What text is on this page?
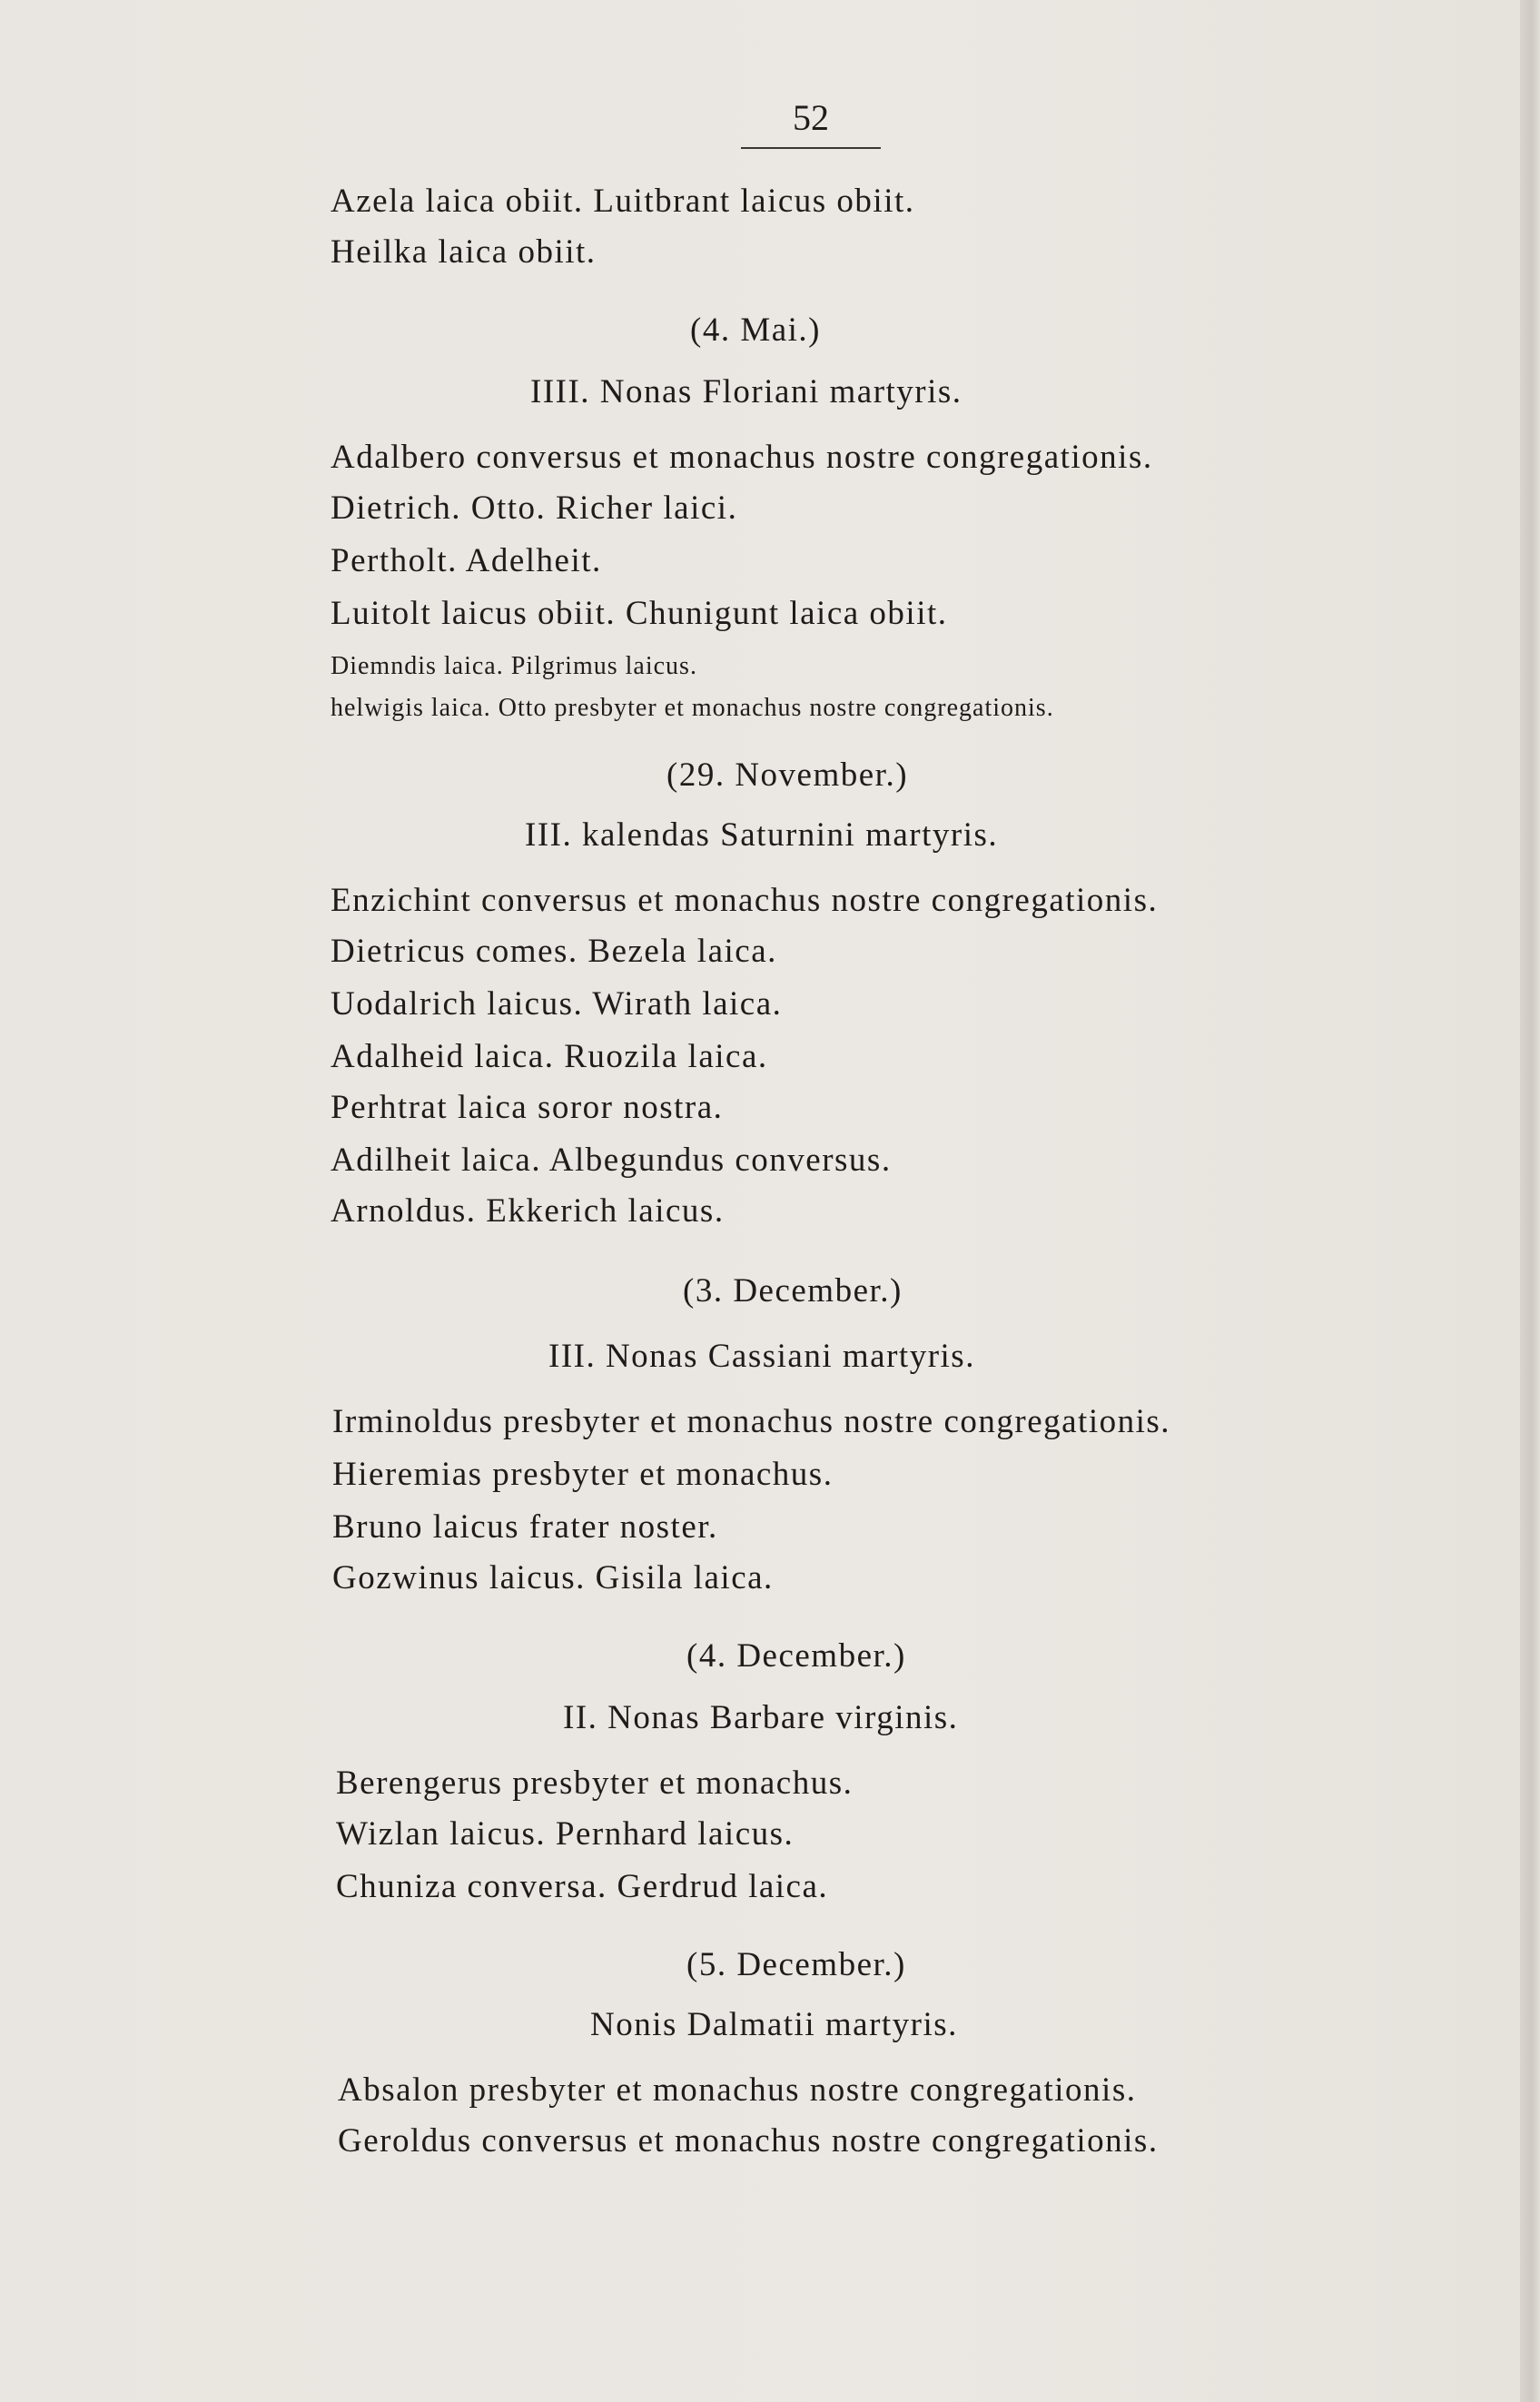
52
Azela laica obiit. Luitbrant laicus obiit.
Heilka laica obiit.
(4. Mai.)
IIII. Nonas Floriani martyris.
Adalbero conversus et monachus nostre congregationis.
Dietrich. Otto. Richer laici.
Pertholt. Adelheit.
Luitolt laicus obiit. Chunigunt laica obiit.
Diemndis laica. Pilgrimus laicus.
helwigis laica. Otto presbyter et monachus nostre congregationis.
(29. November.)
III. kalendas Saturnini martyris.
Enzichint conversus et monachus nostre congregationis.
Dietricus comes. Bezela laica.
Uodalrich laicus. Wirath laica.
Adalheid laica. Ruozila laica.
Perhtrat laica soror nostra.
Adilheit laica. Albegundus conversus.
Arnoldus. Ekkerich laicus.
(3. December.)
III. Nonas Cassiani martyris.
Irminoldus presbyter et monachus nostre congregationis.
Hieremias presbyter et monachus.
Bruno laicus frater noster.
Gozwinus laicus. Gisila laica.
(4. December.)
II. Nonas Barbare virginis.
Berengerus presbyter et monachus.
Wizlan laicus. Pernhard laicus.
Chuniza conversa. Gerdrud laica.
(5. December.)
Nonis Dalmatii martyris.
Absalon presbyter et monachus nostre congregationis.
Geroldus conversus et monachus nostre congregationis.
